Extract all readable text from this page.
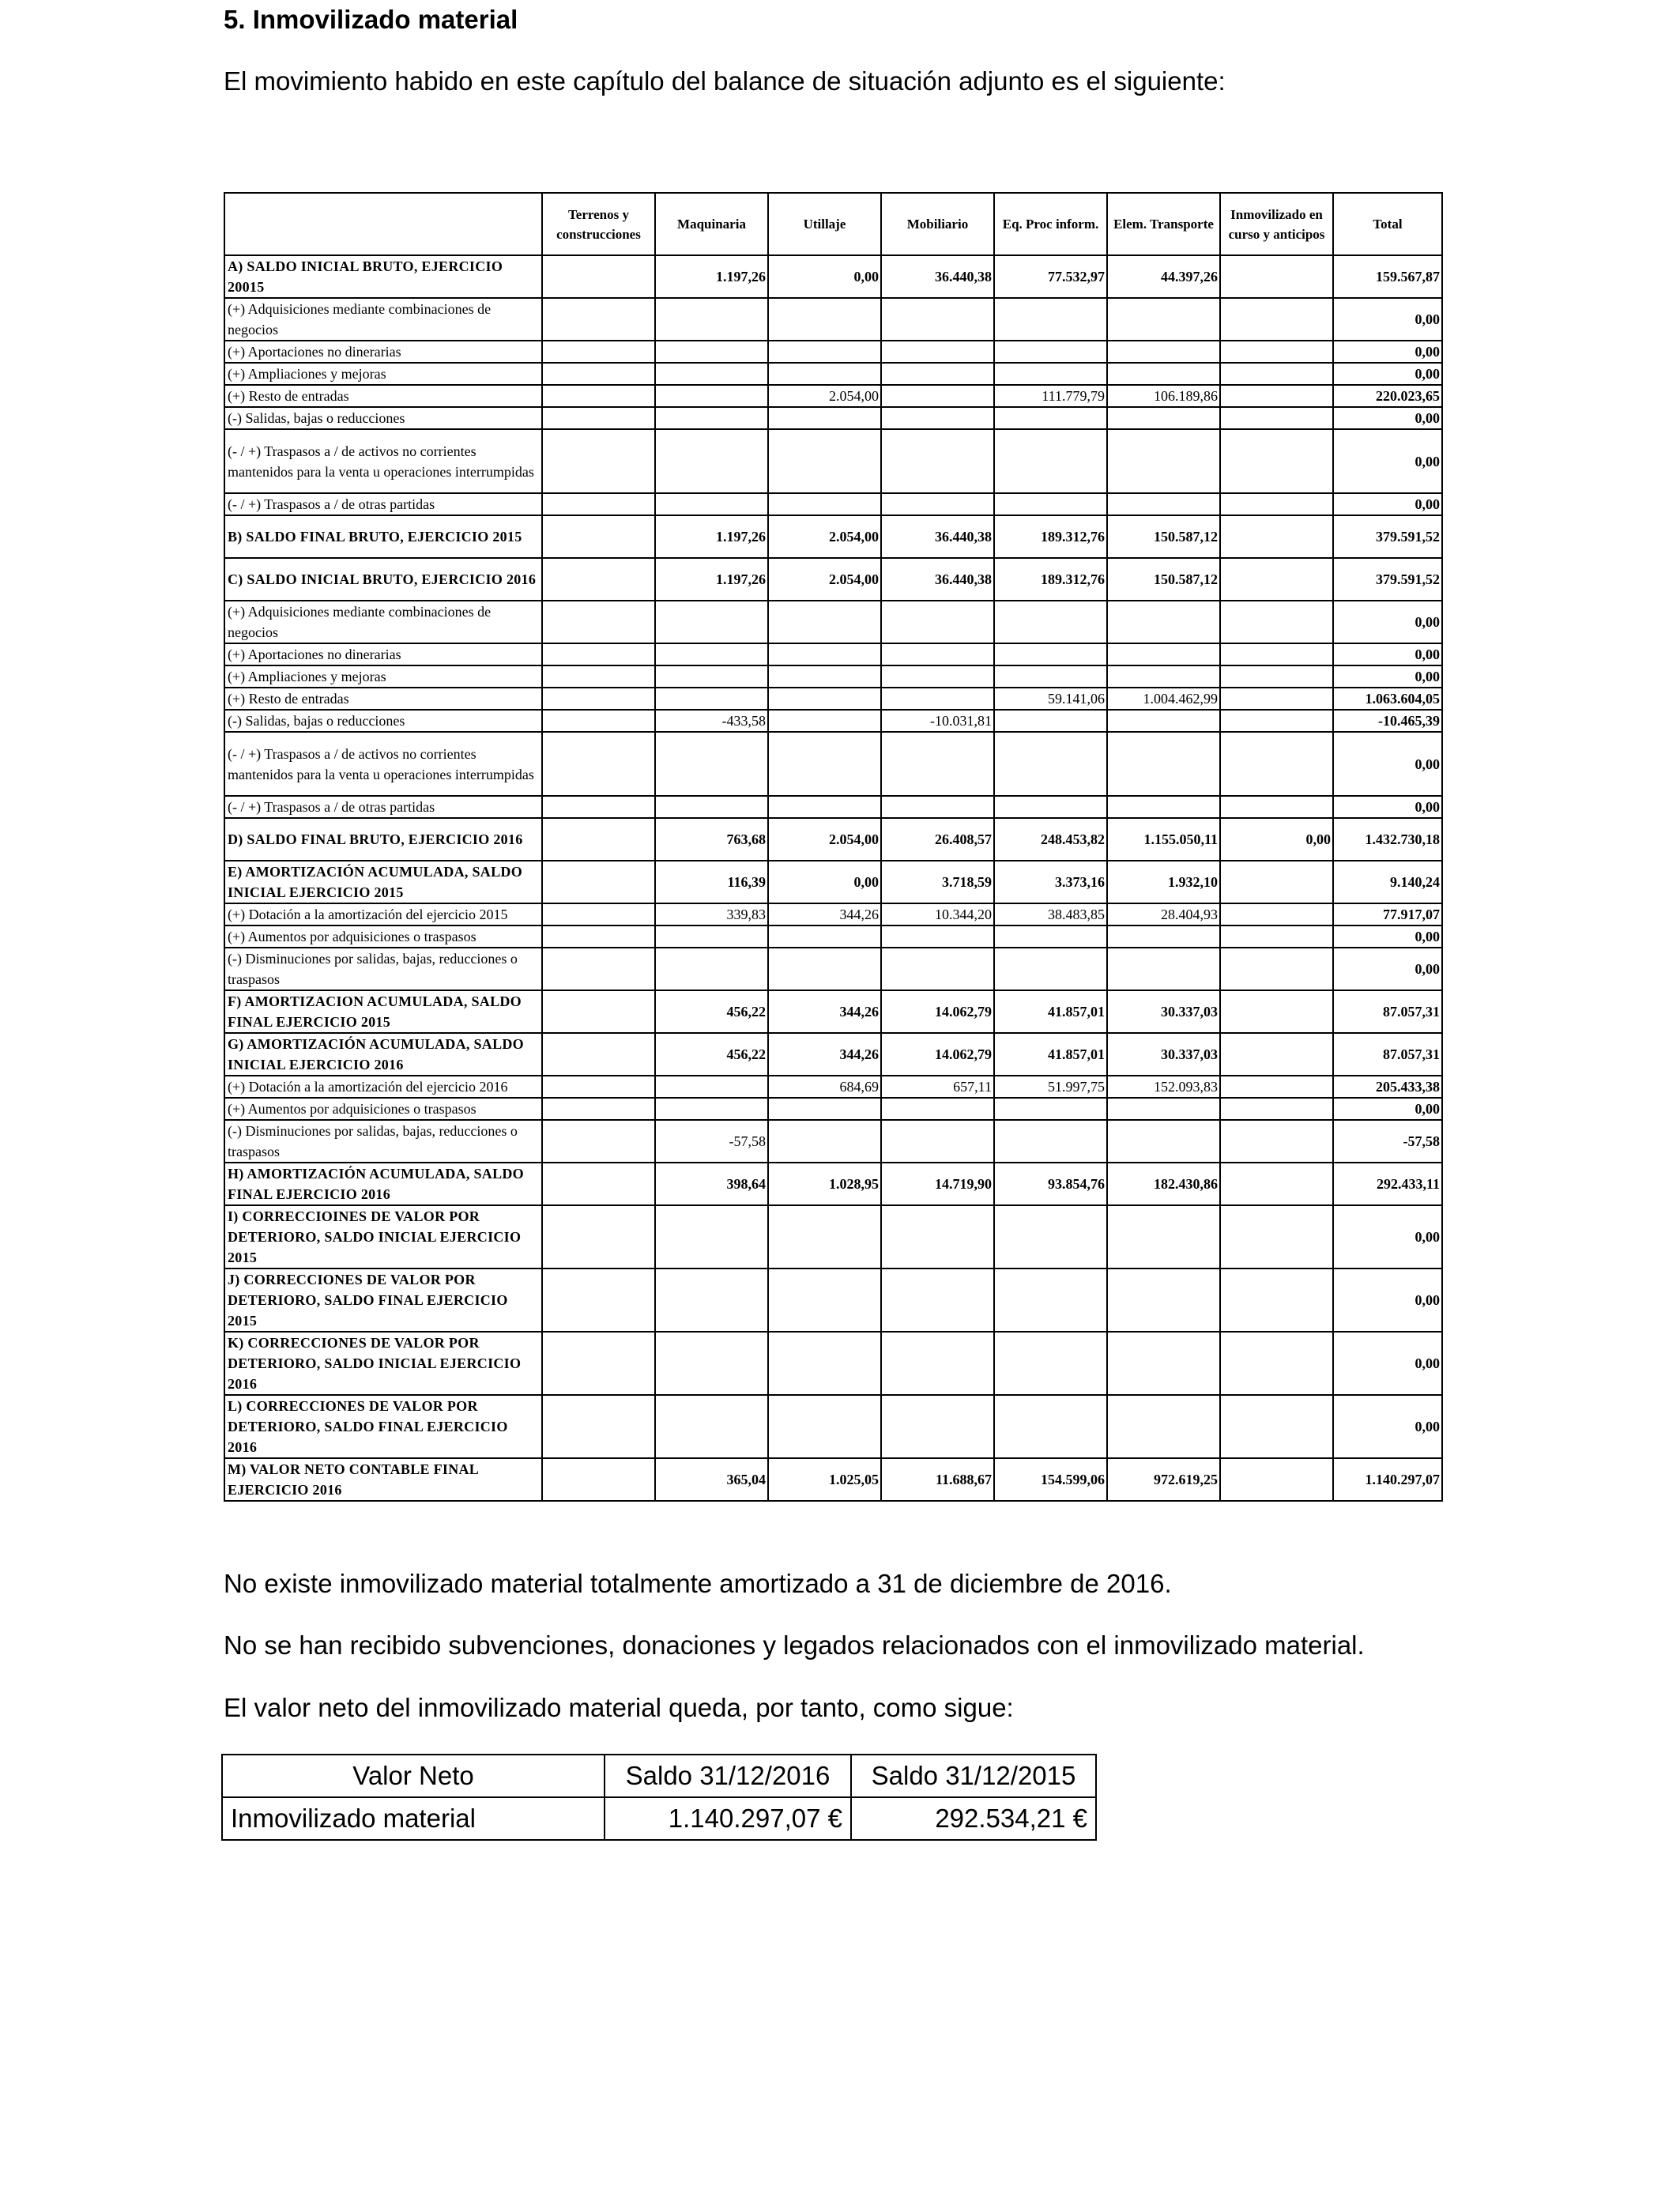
5. Inmovilizado material

El movimiento habido en este capítulo del balance de situación adjunto es el siguiente:

	Terrenos y construcciones	Maquinaria	Utillaje	Mobiliario	Eq. Proc inform.	Elem. Transporte	Inmovilizado en curso y anticipos	Total
A) SALDO INICIAL BRUTO, EJERCICIO 20015		1.197,26	0,00	36.440,38	77.532,97	44.397,26		159.567,87
(+) Adquisiciones mediante combinaciones de negocios								0,00
(+) Aportaciones no dinerarias								0,00
(+) Ampliaciones y mejoras								0,00
(+) Resto de entradas			2.054,00		111.779,79	106.189,86		220.023,65
(-) Salidas, bajas o reducciones								0,00
(- / +) Traspasos a / de activos no corrientes mantenidos para la venta u operaciones interrumpidas								0,00
(- / +) Traspasos a / de otras partidas								0,00
B) SALDO FINAL BRUTO, EJERCICIO 2015		1.197,26	2.054,00	36.440,38	189.312,76	150.587,12		379.591,52
C) SALDO INICIAL BRUTO, EJERCICIO 2016		1.197,26	2.054,00	36.440,38	189.312,76	150.587,12		379.591,52
(+) Adquisiciones mediante combinaciones de negocios								0,00
(+) Aportaciones no dinerarias								0,00
(+) Ampliaciones y mejoras								0,00
(+) Resto de entradas					59.141,06	1.004.462,99		1.063.604,05
(-) Salidas, bajas o reducciones		-433,58		-10.031,81				-10.465,39
(- / +) Traspasos a / de activos no corrientes mantenidos para la venta u operaciones interrumpidas								0,00
(- / +) Traspasos a / de otras partidas								0,00
D) SALDO FINAL BRUTO, EJERCICIO 2016		763,68	2.054,00	26.408,57	248.453,82	1.155.050,11	0,00	1.432.730,18
E) AMORTIZACIÓN ACUMULADA, SALDO INICIAL EJERCICIO 2015		116,39	0,00	3.718,59	3.373,16	1.932,10		9.140,24
(+) Dotación a la amortización del ejercicio 2015		339,83	344,26	10.344,20	38.483,85	28.404,93		77.917,07
(+) Aumentos por adquisiciones o traspasos								0,00
(-) Disminuciones por salidas, bajas, reducciones o traspasos								0,00
F) AMORTIZACION ACUMULADA, SALDO FINAL EJERCICIO 2015		456,22	344,26	14.062,79	41.857,01	30.337,03		87.057,31
G) AMORTIZACIÓN ACUMULADA, SALDO INICIAL EJERCICIO 2016		456,22	344,26	14.062,79	41.857,01	30.337,03		87.057,31
(+) Dotación a la amortización del ejercicio 2016			684,69	657,11	51.997,75	152.093,83		205.433,38
(+) Aumentos por adquisiciones o traspasos								0,00
(-) Disminuciones por salidas, bajas, reducciones o traspasos		-57,58						-57,58
H) AMORTIZACIÓN ACUMULADA, SALDO FINAL EJERCICIO 2016		398,64	1.028,95	14.719,90	93.854,76	182.430,86		292.433,11
I) CORRECCIOINES DE VALOR POR DETERIORO, SALDO INICIAL EJERCICIO 2015								0,00
J) CORRECCIONES DE VALOR POR DETERIORO, SALDO FINAL EJERCICIO 2015								0,00
K) CORRECCIONES DE VALOR POR DETERIORO, SALDO INICIAL EJERCICIO 2016								0,00
L) CORRECCIONES DE VALOR POR DETERIORO, SALDO FINAL EJERCICIO 2016								0,00
M) VALOR NETO CONTABLE FINAL EJERCICIO 2016		365,04	1.025,05	11.688,67	154.599,06	972.619,25		1.140.297,07

No existe inmovilizado material totalmente amortizado a 31 de diciembre de 2016.

No se han recibido subvenciones, donaciones y legados relacionados con el inmovilizado material.

El valor neto del inmovilizado material queda, por tanto, como sigue:

Valor Neto	Saldo 31/12/2016	Saldo 31/12/2015
Inmovilizado material	1.140.297,07 €	292.534,21 €
